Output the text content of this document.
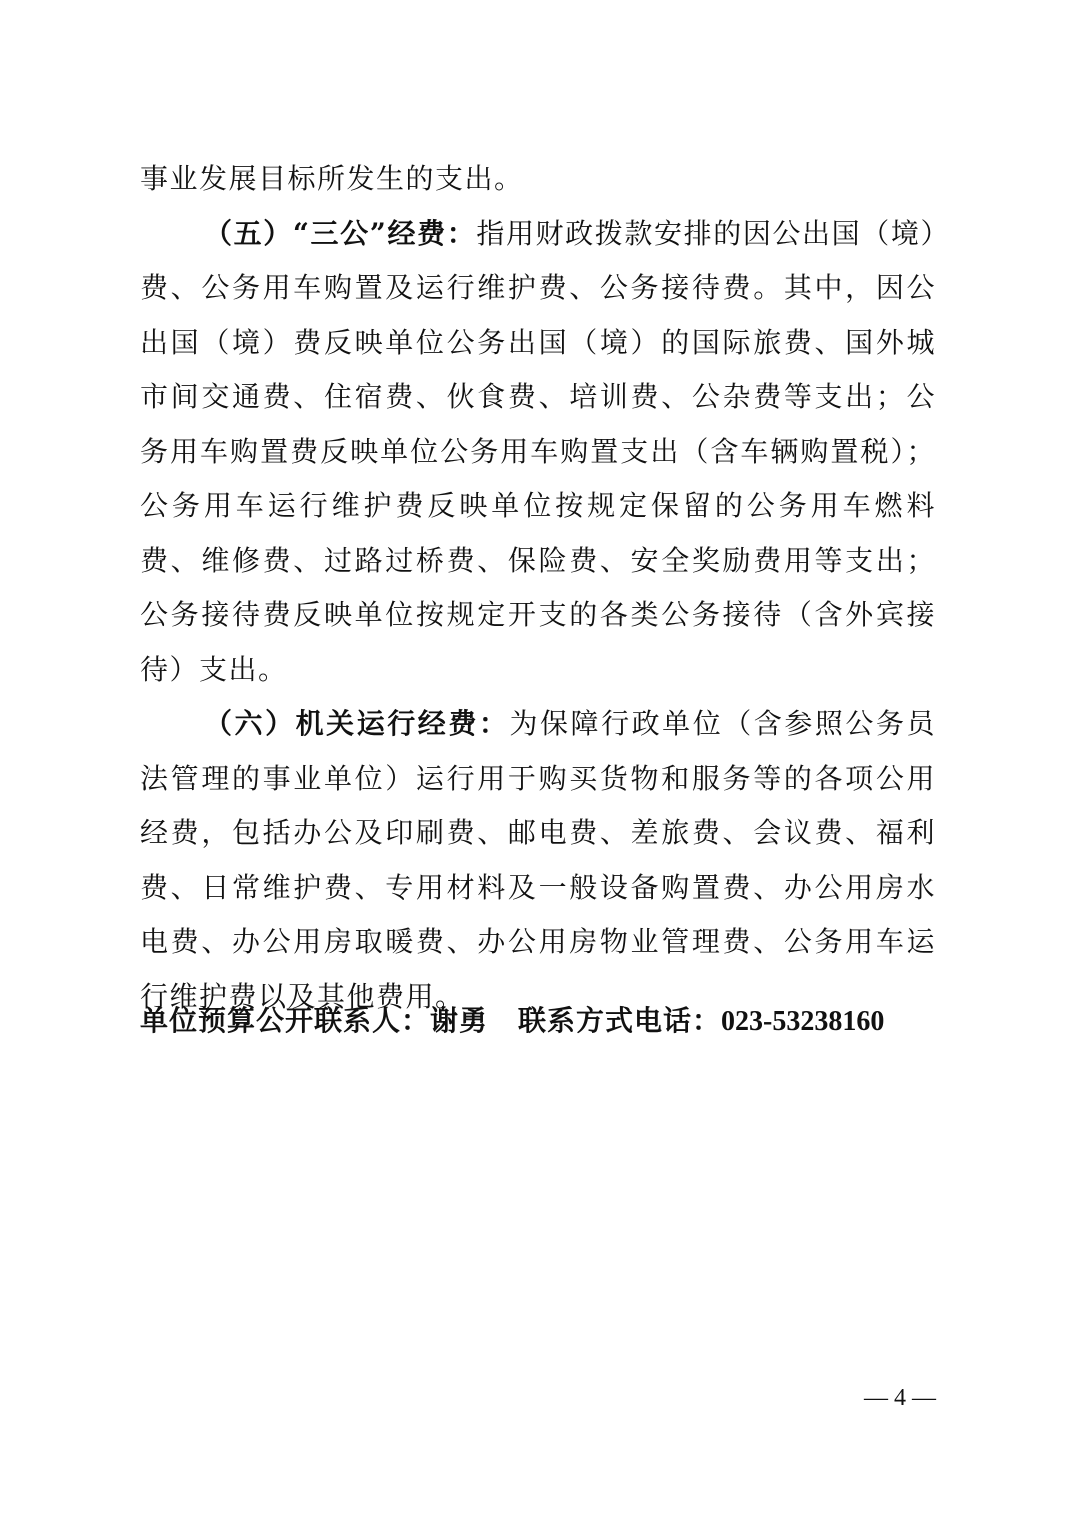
事业发展目标所发生的支出。

（五）“三公”经费：指用财政拨款安排的因公出国（境）费、公务用车购置及运行维护费、公务接待费。其中，因公出国（境）费反映单位公务出国（境）的国际旅费、国外城市间交通费、住宿费、伙食费、培训费、公杂费等支出；公务用车购置费反映单位公务用车购置支出（含车辆购置税）；公务用车运行维护费反映单位按规定保留的公务用车燃料费、维修费、过路过桥费、保险费、安全奖励费用等支出；公务接待费反映单位按规定开支的各类公务接待（含外宾接待）支出。

（六）机关运行经费：为保障行政单位（含参照公务员法管理的事业单位）运行用于购买货物和服务等的各项公用经费，包括办公及印刷费、邮电费、差旅费、会议费、福利费、日常维护费、专用材料及一般设备购置费、办公用房水电费、办公用房取暖费、办公用房物业管理费、公务用车运行维护费以及其他费用。

单位预算公开联系人：谢勇 联系方式电话：023-53238160
— 4 —
